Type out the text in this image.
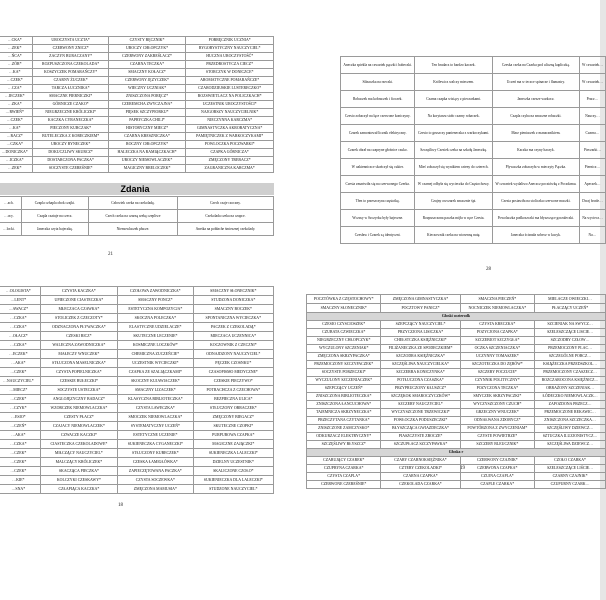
…CKA*	UROCZYSTA UCZTA*	CZYSTY BĘCZNIK*	POBRĘCZNIK UCZNIA*
…ZEK*	CZERWONY ZNICZ*	UROCZY CHŁOPCZYK*	RYGORYSTYCZNY NAUCZYCIEL*
…ŃCA*	ZACZYN BURACZANY*	CZERWONY ZAKREŚLACZ*	HUCZNA UROCZYSTOŚĆ*
…ZÓR*	ROZPUSZCZONA CZEKOLADA*	CZARNA TECZKA*	PRZEDROSTYCZA CIECZ*
…KA*	KOSZYCZEK POMARAŃCZY*	SMACZNY KOŁACZ*	STORCZYK W DONICZCE*
…CZEK*	CZARNY ŻUCZEK*	CZERWONY JĘZYCZEK*	AROMATYCZNE POMARAŃCZE*
…CZA*	TARCZA ŁUCZNIKA*	WIECZNY UCZNIAK*	CZARODZIEJSKIE LUSTERECZKO*
…IECZEK*	SMACZNE PIERNICZKI*	ZNISZCZONA PORĘCZ*	ROZSWIETLACZ NA POLICZKACH*
…ZKA*	GÓRNICZE CZAKO*	CZEREMCHA ZWYCZAJNA*	UCZESTNIK UROCZYSTOŚCI*
…RWIEŃ*	NIEGRZECZNE KRÓLICZKI*	PIĘSEK SZCZYPIORKU*	NAJGORSZY NAUCZYCIELNIK*
…CZEK*	KACZKA CYRANECZKA*	PAPRYCZKA CHILI*	NIECZYNNA KARCZMA*
…KA*	PIECZONY KURCZAK*	HISTORYCZNY MIECZ*	GIMNASTYCZKA AKROBATYCZNA*
…RACZ*	BUTELECZKA Z KORECZKIEM*	CZARNA KRESZNICZKA*	PAMIĘTNICZEK Z WARKOCZYKAMI*
…CZKA*	UROCZY RYNECZEK*	ROCZNY CHŁOPCZYK*	POWLOCZKA POCZWARKI*
…DONICZKA*	DOKUCZLIWY SKURCZ*	HALECZKA NA RAMIĄCZKACH*	CZAPKA GÓRNICZA*
…ICZKA*	DOSTARCZONA PACZKA*	UROCZY NIEMOWLACZEK*	ZMĘCZONY TREBACZ*
…ZEK*	SOCZYSTE CZEREŚNIE*	MAGICZNY BRELOCZEK*	ZAGRANICZNA KARCZMA*
Zdania
…ach.	Czapla czhapla obok czajki.	Człowiek czeka na czekoladę.	Czech czaje czoczny.
…ocy.	Czapla czatuje na czecz.	Czech czeka na czarną rzekę czepliwe	Czekolada czeka na czapce.
…locki.	Janeczka czyta bajeczkę.	Niemowlaczek płacze.	Anetka na pobłache śmiesznej czekolady.
21
Aneczka spiekla na czwartek pączki i babeczki.	Ten brudacz to bardzo kaczek.	Czeska czeka na Czarka pod uliczną kapliczką.	W czwartek…
Silnaczka na rzeczki.	Królewicz walczy mieczem.	Uczeń ma w teczce spinacze i flamastry.	W czwartek…
Robaczek ma kobraczek i fioczek.	Czarna czapka wisiący z pieczarkami.	Janeczka czesze warkocz.	Pracz…
Czesio zobaczył na łące czerwone koniczyny.	Na korytarzu stoło czarny robaczek.	Czapla czyha na smaczne robaczki.	Nauczy…
Czarek zamontował licznik elektryczny.	Czesio to gruszczy panieneczka z warkoczykami.	Marz pieniaczek z manacznikiem.	Czarna…
Czarek obrał na czapryne głośnice czuko.	Szczęśliwy Czesiek czeka na szkołę Janeczkę.	Kaczka ma czyny haczyk.	Pieczarki…
W oakienniczce skończył się cukier.	Mieć zobaczył się wynikiem czteny do czterech.	Plywaczka zobaczyła w mieczyty Pączka.	Piernicz…
Czesia zmartwiła się na czerwonego Czerka.	W czarnej odbyła się wycieczka do Częstochowy.	W czwartek wydaliwo Aneczcz pocztówkę z Poczdamu.	Apeczek…
Tłen to przeszczyna częstotkę.	Czujny owczarek smacznie śpi.	Czesia postawiła na stoliczku czerwone maczki.	Dwaj brode…
Wczasy w Szczyrku były bajeczne.	Rozpuszczona paczka mijła w ręce Czesia.	Powolaczka podkoszczki ma błyszczące gorzaleczki.	Na wyciecz…
Czesław i Czarek są identyczni.	Kieczownik czeka na wiosenną nutę.	Janeczka ścisnała sobecz w kucyk.	Na…
28
…OLOGISTA*	CZYSTA KACZKA*	CZOŁOWA ZAWODNICZKA*	SMACZNY SŁONECZNIK*
…LENT*	UPIECZONE CIASTECZKA*	SMACZNY PONCZ*	STUDZONA DONICZKA*
…AWACZ*	MŁECZACA CZAWKA*	ESTETYCZNA KOMPOZYCJA*	SMACZNY BOCZEK*
…CZKA*	STOLICZEK Z CZECZOTY*	SKOCZNA POLECZKA*	SPONTANICZNA WYCIECZKA*
…CZKA*	ODZNACZONA PŁYWACZKA*	ELASTYCZNE UDZIELACZE*	PACZEK Z CZEKOLADĄ*
…OŁACZ*	CZESKI BICZ*	SKUTECZNE LECZENIE*	MIECZACA UCZENNICA*
…CZKA*	WALECZNA ZAWODNICZKA*	KOSMICZNE LOCZKÓW*	KOCZOWNIK Z CZECZNI*
…ECZEK*	MAŁECZY WNUCZEK*	CHEMICZNA ZUCZEŃCIE*	ODNAJDZONY NAUCZYCIEL*
…AKA*	STŁUCZONA MASELNICZKA*	UCZESTNIK WYCIECZKI*	PĘCZEK CZOSNKU*
…CZEK*	CZYSTA POPIELNICZKA*	CZAPKA ZE SZALIĄCZKAMI*	CZASOPISMO MEDYCZNE*
…NAUCZYCIEL*	CZESKIE BUŁECZKI*	SKOCZNY KUJAWIACZEK*	CZESKIE PIECZYWO*
…MIECZ*	SOCZYSTE USTECZKA*	SMACZNY LIZACZEK*	POTRACHCZA Z CZECHOWA*
…CZEK*	ANGLOJĘZYCZNY BADACZ*	KLASYCZNA BIBLIOTECZKA*	BEZPIECZNA ULICA*
…CZYK*	WZORCZEK NIEMOWLACZKA*	CZYSTA LAWECZKA*	STŁUCZONY OBRACZEK*
…ESIO*	CZESTY PŁACZ*	SMOCZEK NIEMOWLACZKA*	ZMĘCZONY BIEGACZ*
…CZEŃ*	CZAJACY NIEMOWLACZEK*	SYSTEMATYCZNY UCZEŃ*	SKUTECZNE CZOPKI*
…AKA*	CZWACZE KACZKI*	ESTETYCZNE UCZENIE*	PURPUROWA CZAPKA*
…CZKA*	CIASTECZKA CZEKOLADOWE*	SUKIENECZKA CYGANECZKI*	MAGICZNE ZAJĄCZKI*
…CZEK*	MIŁCZĄCY NAUCZYCIEL*	STŁUCZONY KUBECZEK*	SUKIENECZKA LALECZKI*
…CZEK*	MALCZĄCY KRÓLICZEK*	CZESKA ŁAMIGŁÓWKA*	DZIELNY UCZESTNIK*
…CZEK*	SKACZĄCA PIECZKA*	ZAPIECZĘTOWANA PACZKA*	SKALICZONE CZOŁO*
…KIE*	KOLCZYKI CZESKAWY*	CZYSTA SOCZEWKA*	SUKIENIECZKA DLA LALECZKI*
…SNA*	CZŁAPIĄCA KACZKA*	ZMĘCZONA MAMUSIA*	STUDZONE NAUCZYCIEL*
18
POCZTÓWKA Z CZĘSTOCHOWY*	ZMĘCZONA GIMNASTYCZKA*	SMACZNA PIECZEŃ*	MIELACZE OWIECZKI…
SMACZNY SŁONECZNIK*	POCZTOWY PANICZ*	NOCNICZEK NIEMOWLACZKA*	PŁACZĄCY UCZEŃ*
Głoski oczterodk			
CZESIO CZYSCIOSZEK*	SZEPCZĄCY NAUCZYCIEL*	CZYSTA KRECZKA*	SZCIENIAK NA SWYCZ…
CZUBATA CZWIECZKA*	PRZYCZJONA LISICZKA*	POZYCJONA CZAPKA*	SZELESZCZĄCE LISCIE…
NIEGRZECZNY CHŁOPCZYK*	CHEŁSTCZKA KSIĘŻNICZKI*	SZCZEBIOT SZCZYGŁA*	SZCZODRY CZŁOW…
WYCZULONY SZCZENIAK*	FILIŻANECZKA ZE SPODECZKIEM*	OCZKA SZCZENIACZKA*	PRZEMOCZONY PLAC…
ZMĘCZONA SKRZYPACZKA*	SZCZODRA KSIĘŻNICZKA*	UCZYNNY TOMASZEK*	SZCZEGÓLNE PORCZ…
PRZEMOCZONY SZCZYPACZEK*	SZCZĘŚLIWA NAUCZYCIELKA*	SZCZOTECZKA DO ZĘBÓW*	KSIĄŻECZKA PRZEDSZKOL…
SOCZYSTE PORZECZKI*	SZCZERBA KONICZYNKA*	SZCZERY POCZUCIE*	PRZEMOCZONY CZASZECZ…
WYCZULONY SZCZENIACZEK*	POTŁUCZONA CZASZKA*	CZYNNIK POLITYCZNY*	ROZCZAROCONA KSIĘŻNICZ…
SZEPCZĄCY UCZEŃ*	PRZYPRUCZONY KŁUSZCZ*	POZYCZONA TECZKA*	OBRAŻONY SZCZENIAK…
ZNISZCZONA BIBLIOTECZKA*	SZCZĘKOK SMAROCZYCZKÓW*	SMYCZEK SKRZYPACZKI*	ŁÓDECZKO NIEMOWLACZK…
ZNISZCZONA ŁANCUCHOWA*	SZCZERY NAUCZYCIEL*	WYCZYSZCZONY CZUCH*	ZAPOZDONA PRZECZ…
TAJEMNICZA SKRZYNECZKA*	WYCZYSZCZONE TRZEWICZKI*	GRZECZNY WNUCZEK*	PRZEMOCZONE REKAWIC…
PRZECZYTANA CZYTANKA*	POWŁOCZKA PODUSZECZKI*	ODNAŁWANA ZDOBYCZ*	ZNISZCZONA SZCZECZKA…
ZNISZCZONE ZAMCZYSKO*	BŁYSZCZĄCA GWIAZDECZKA*	POWTÓRZONA Z ZWYCZENIAM*	SZCZĘŚLIWY DZIEWCZ…
ODKURZACZ ELEKTRYCZNY*	PIASZCZYSTE ZBOCZE*	CZYSTE POWIETRZE*	SZTUCZKA ILUZJONISTYCZ…
SZCZĘŚLIWY BŁYSZCZ*	SZCZUPŁACZ SZCZYPAWKA*	SZCZERY BLEUCZNIK*	SZCZĘŚLIWA DZIEWCZ…
Głoska r			
CZARUJĄCY CZAREK*	CZARY CZARNOKSIĘŻNIKA*	CZERWONY CZAJNIK*	CZOŁO CZARKA*
CZUPRYNA CZARKA*	CZTERY CZEKOLADKI*	CZERWONA CZAPKA*	SZELESZCZĄCE LIŚCIE…
CZYSTA CZAPLA*	CZARNA CZAPKA*	CZUJNA CZAPLA*	CZARNY CZAJNIK*
CZERWONE CZEREŚNIE*	CZEKOLADA CZARKA*	CZAPLE CZARKA*	CZUPURNY CZARK…
19
